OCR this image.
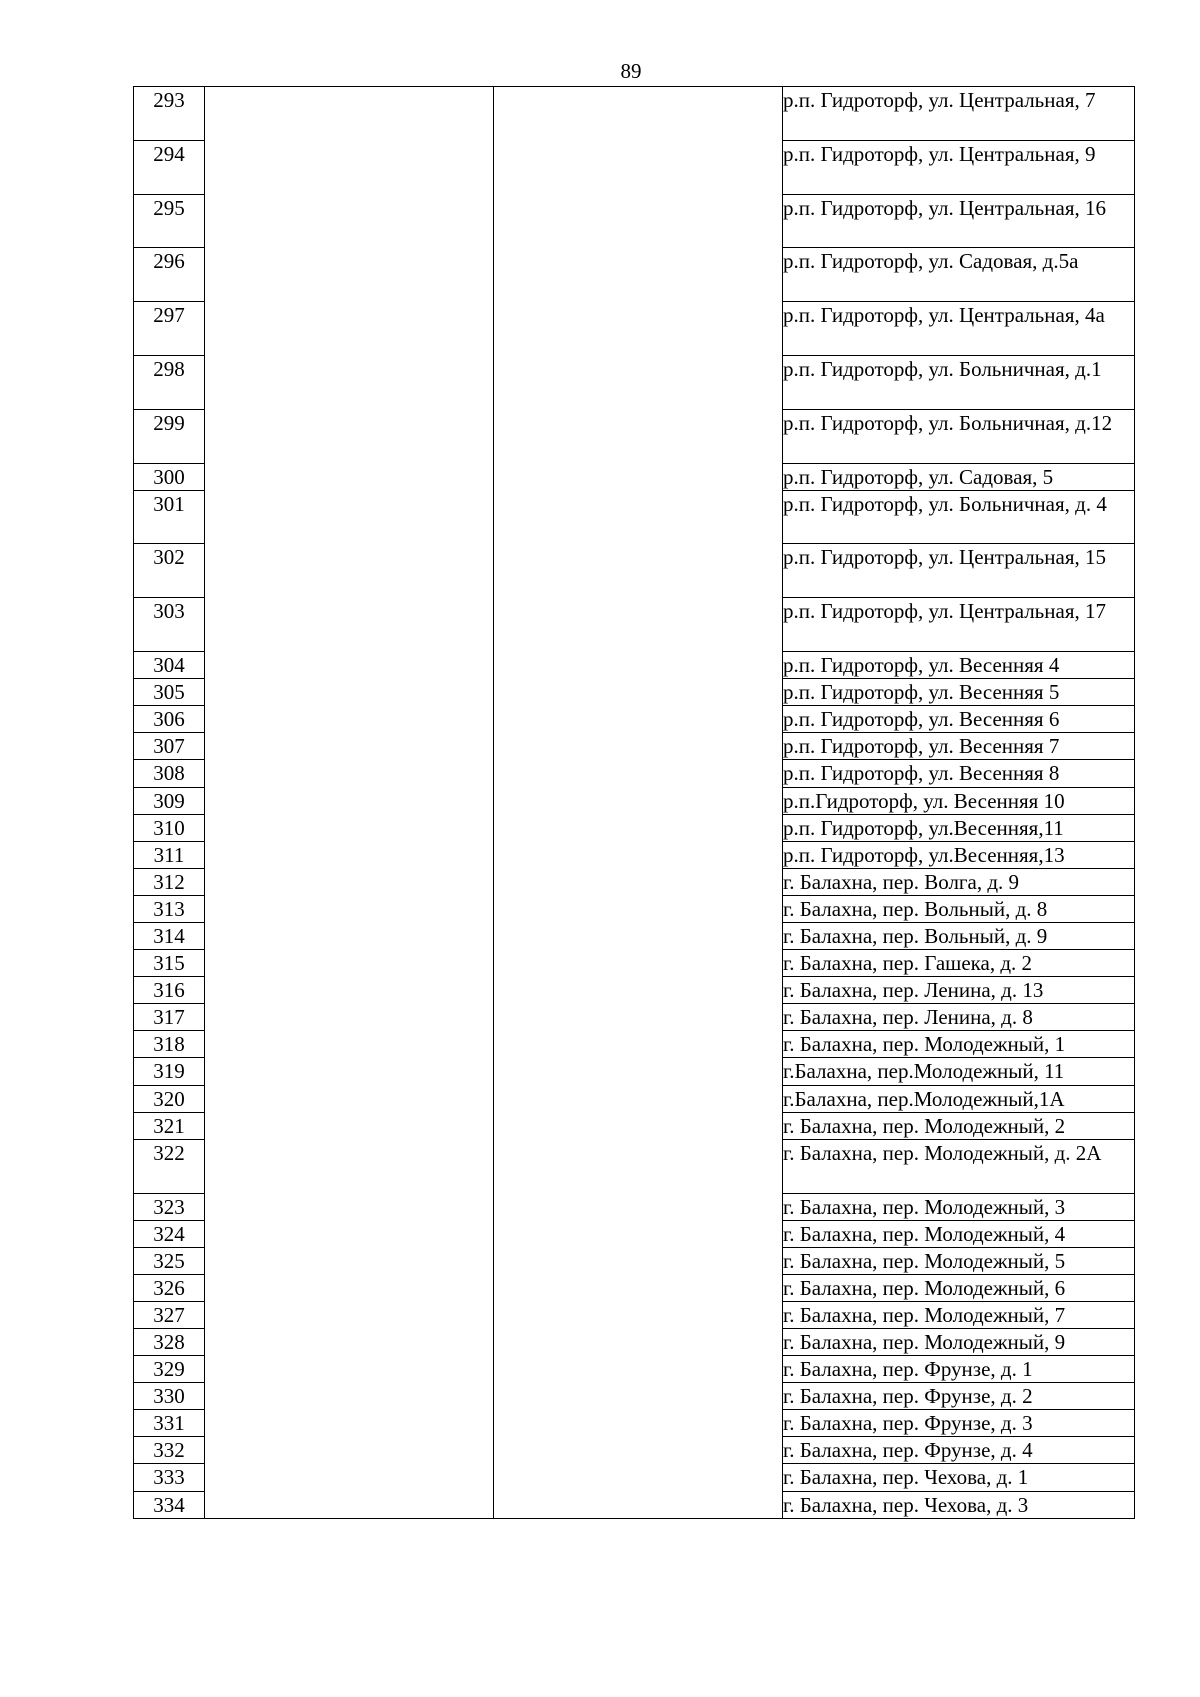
89
293			р.п. Гидроторф, ул. Центральная, 7
294			р.п. Гидроторф, ул. Центральная, 9
295			р.п. Гидроторф, ул. Центральная, 16
296			р.п. Гидроторф, ул. Садовая, д.5а
297			р.п. Гидроторф, ул. Центральная, 4а
298			р.п. Гидроторф, ул. Больничная, д.1
299			р.п. Гидроторф, ул. Больничная, д.12
300			р.п. Гидроторф, ул. Садовая, 5
301			р.п. Гидроторф, ул. Больничная, д. 4
302			р.п. Гидроторф, ул. Центральная, 15
303			р.п. Гидроторф, ул. Центральная, 17
304			р.п. Гидроторф, ул. Весенняя 4
305			р.п. Гидроторф, ул. Весенняя 5
306			р.п. Гидроторф, ул. Весенняя 6
307			р.п. Гидроторф, ул. Весенняя 7
308			р.п. Гидроторф, ул. Весенняя 8
309			р.п.Гидроторф, ул. Весенняя 10
310			р.п. Гидроторф, ул.Весенняя,11
311			р.п. Гидроторф, ул.Весенняя,13
312			г. Балахна, пер. Волга, д. 9
313			г. Балахна, пер. Вольный, д. 8
314			г. Балахна, пер. Вольный, д. 9
315			г. Балахна, пер. Гашека, д. 2
316			г. Балахна, пер. Ленина, д. 13
317			г. Балахна, пер. Ленина, д. 8
318			г. Балахна, пер. Молодежный, 1
319			г.Балахна, пер.Молодежный, 11
320			г.Балахна, пер.Молодежный,1А
321			г. Балахна, пер. Молодежный, 2
322			г. Балахна, пер. Молодежный, д. 2А
323			г. Балахна, пер. Молодежный, 3
324			г. Балахна, пер. Молодежный, 4
325			г. Балахна, пер. Молодежный, 5
326			г. Балахна, пер. Молодежный, 6
327			г. Балахна, пер. Молодежный, 7
328			г. Балахна, пер. Молодежный, 9
329			г. Балахна, пер. Фрунзе, д. 1
330			г. Балахна, пер. Фрунзе, д. 2
331			г. Балахна, пер. Фрунзе, д. 3
332			г. Балахна, пер. Фрунзе, д. 4
333			г. Балахна, пер. Чехова, д. 1
334			г. Балахна, пер. Чехова, д. 3
